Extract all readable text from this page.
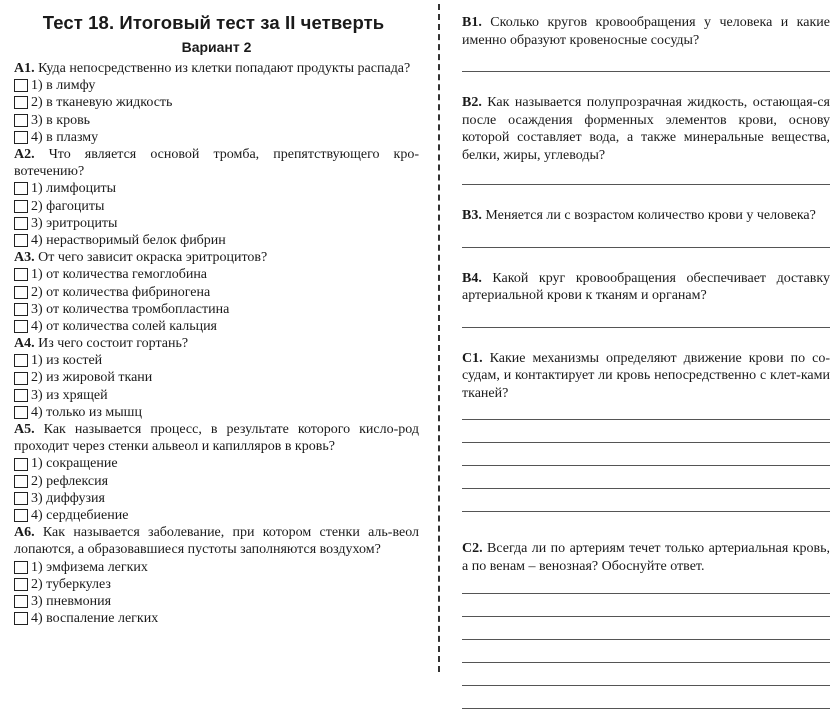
Тест 18. Итоговый тест за II четверть
Вариант 2
А1. Куда непосредственно из клетки попадают продукты распада?
1) в лимфу
2) в тканевую жидкость
3) в кровь
4) в плазму
А2. Что является основой тромба, препятствующего кро-вотечению?
1) лимфоциты
2) фагоциты
3) эритроциты
4) нерастворимый белок фибрин
А3. От чего зависит окраска эритроцитов?
1) от количества гемоглобина
2) от количества фибриногена
3) от количества тромбопластина
4) от количества солей кальция
А4. Из чего состоит гортань?
1) из костей
2) из жировой ткани
3) из хрящей
4) только из мышц
А5. Как называется процесс, в результате которого кисло-род проходит через стенки альвеол и капилляров в кровь?
1) сокращение
2) рефлексия
3) диффузия
4) сердцебиение
А6. Как называется заболевание, при котором стенки аль-веол лопаются, а образовавшиеся пустоты заполняются воздухом?
1) эмфизема легких
2) туберкулез
3) пневмония
4) воспаление легких
В1. Сколько кругов кровообращения у человека и какие именно образуют кровеносные сосуды?
В2. Как называется полупрозрачная жидкость, остающая-ся после осаждения форменных элементов крови, основу которой составляет вода, а также минеральные вещества, белки, жиры, углеводы?
В3. Меняется ли с возрастом количество крови у человека?
В4. Какой круг кровообращения обеспечивает доставку артериальной крови к тканям и органам?
С1. Какие механизмы определяют движение крови по со-судам, и контактирует ли кровь непосредственно с клет-ками тканей?
С2. Всегда ли по артериям течет только артериальная кровь, а по венам – венозная? Обоснуйте ответ.
